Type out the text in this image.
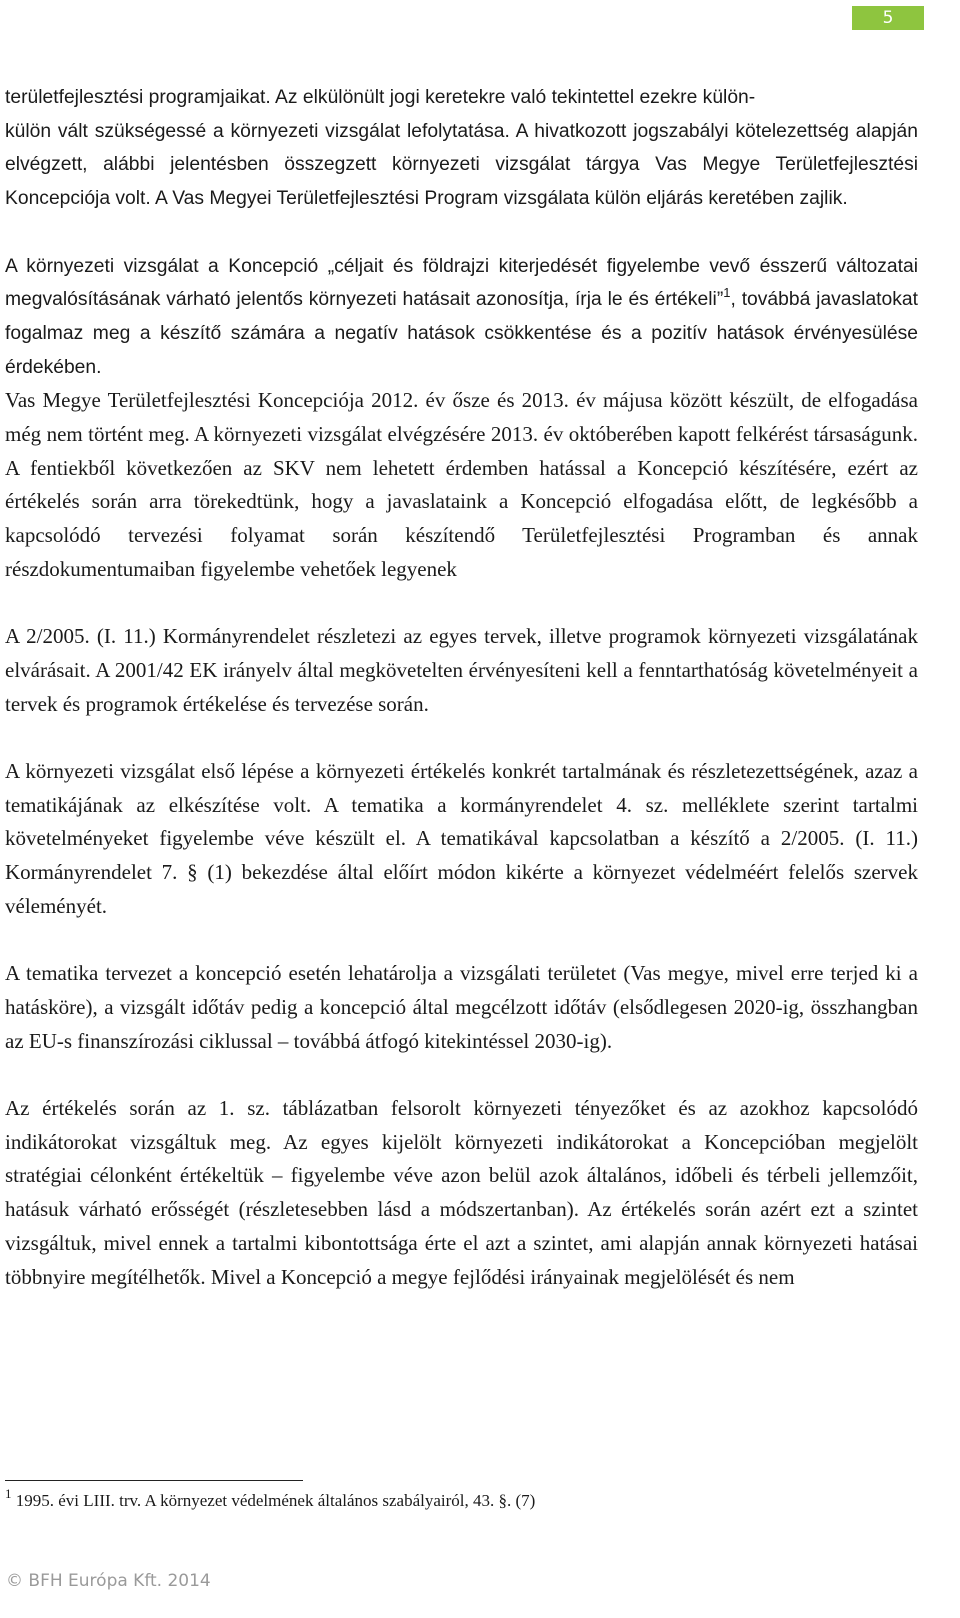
5

területfejlesztési programjaikat. Az elkülönült jogi keretekre való tekintettel ezekre külön-
külön vált szükségessé a környezeti vizsgálat lefolytatása. A hivatkozott jogszabályi kötelezettség alapján elvégzett, alábbi jelentésben összegzett környezeti vizsgálat tárgya Vas Megye Területfejlesztési Koncepciója volt. A Vas Megyei Területfejlesztési Program vizsgálata külön eljárás keretében zajlik.

A környezeti vizsgálat a Koncepció „céljait és földrajzi kiterjedését figyelembe vevő ésszerű változatai megvalósításának várható jelentős környezeti hatásait azonosítja, írja le és értékeli”$^1$, továbbá javaslatokat fogalmaz meg a készítő számára a negatív hatások csökkentése és a pozitív hatások érvényesülése érdekében.

Vas Megye Területfejlesztési Koncepciója 2012. év ősze és 2013. év májusa között készült, de elfogadása még nem történt meg. A környezeti vizsgálat elvégzésére 2013. év októberében kapott felkérést társaságunk. A fentiekből következően az SKV nem lehetett érdemben hatással a Koncepció készítésére, ezért az értékelés során arra törekedtünk, hogy a javaslataink a Koncepció elfogadása előtt, de legkésőbb a kapcsolódó tervezési folyamat során készítendő Területfejlesztési Programban és annak részdokumentumaiban figyelembe vehetőek legyenek

A 2/2005. (I. 11.) Kormányrendelet részletezi az egyes tervek, illetve programok környezeti vizsgálatának elvárásait. A 2001/42 EK irányelv által megkövetelten érvényesíteni kell a fenntarthatóság követelményeit a tervek és programok értékelése és tervezése során.

A környezeti vizsgálat első lépése a környezeti értékelés konkrét tartalmának és részletezettségének, azaz a tematikájának az elkészítése volt. A tematika a kormányrendelet 4. sz. melléklete szerint tartalmi követelményeket figyelembe véve készült el. A tematikával kapcsolatban a készítő a 2/2005. (I. 11.) Kormányrendelet 7. § (1) bekezdése által előírt módon kikérte a környezet védelméért felelős szervek véleményét.

A tematika tervezet a koncepció esetén lehatárolja a vizsgálati területet (Vas megye, mivel erre terjed ki a hatásköre), a vizsgált időtáv pedig a koncepció által megcélzott időtáv (elsődlegesen 2020-ig, összhangban az EU-s finanszírozási ciklussal – továbbá átfogó kitekintéssel 2030-ig).

Az értékelés során az 1. sz. táblázatban felsorolt környezeti tényezőket és az azokhoz kapcsolódó indikátorokat vizsgáltuk meg. Az egyes kijelölt környezeti indikátorokat a Koncepcióban megjelölt stratégiai célonként értékeltük – figyelembe véve azon belül azok általános, időbeli és térbeli jellemzőit, hatásuk várható erősségét (részletesebben lásd a módszertanban). Az értékelés során azért ezt a szintet vizsgáltuk, mivel ennek a tartalmi kibontottsága érte el azt a szintet, ami alapján annak környezeti hatásai többnyire megítélhetők. Mivel a Koncepció a megye fejlődési irányainak megjelölését és nem

$^1$ 1995. évi LIII. trv. A környezet védelmének általános szabályairól, 43. §. (7)
© BFH Európa Kft. 2014
